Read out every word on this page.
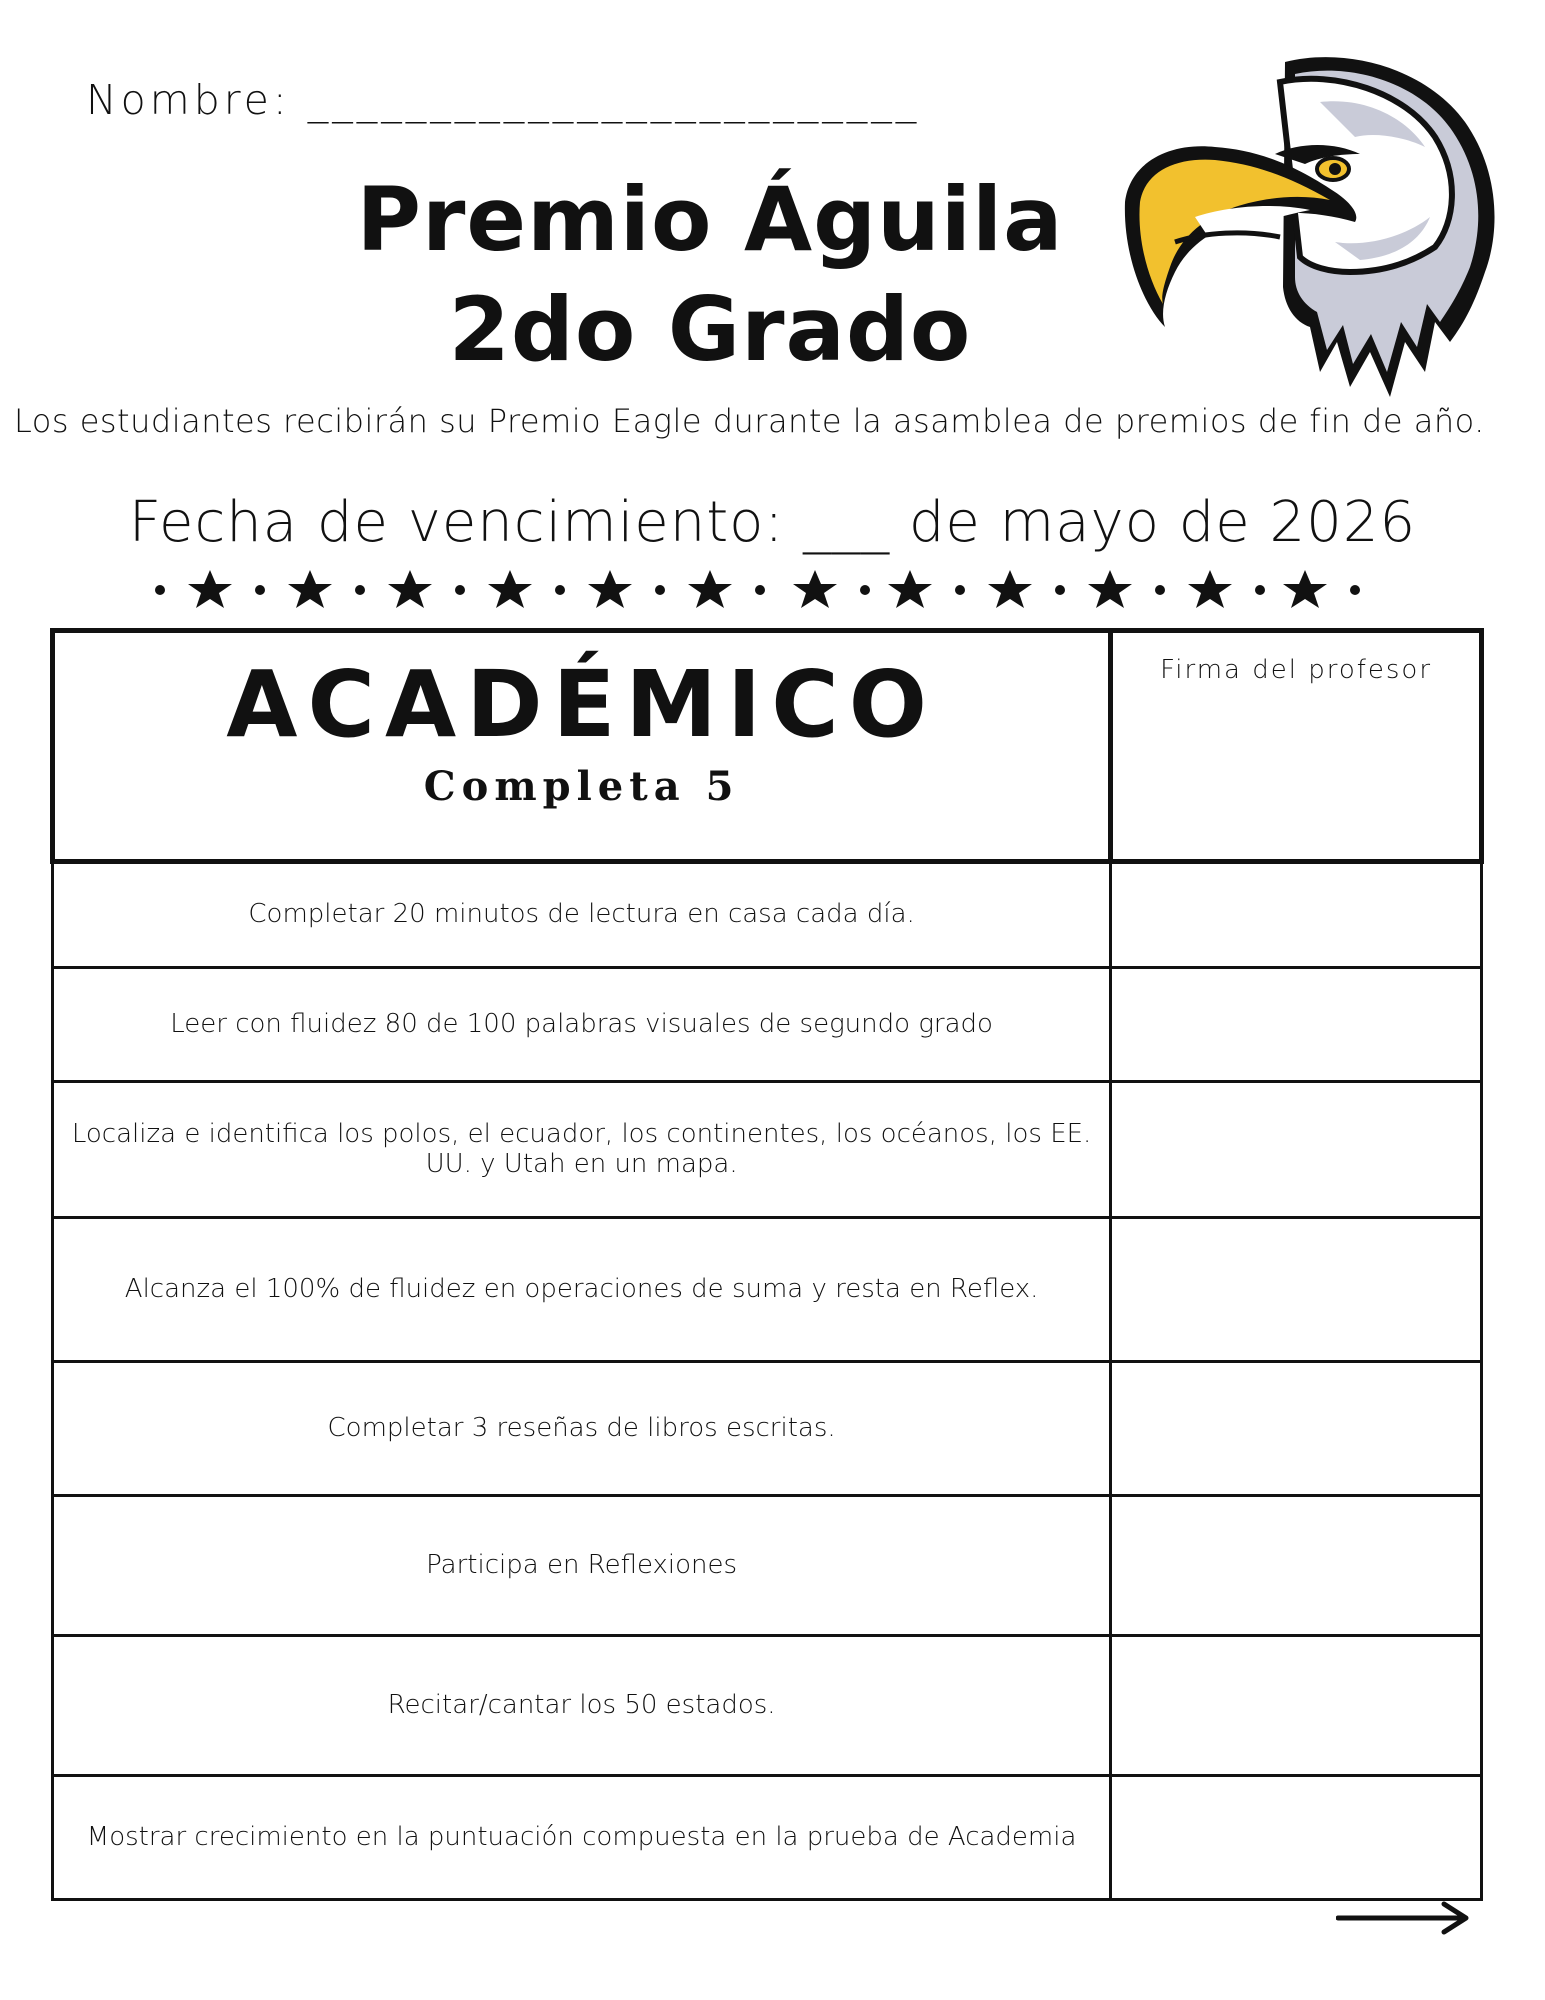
Nombre: _________________________
Premio Águila
2do Grado
Los estudiantes recibirán su Premio Eagle durante la asamblea de premios de fin de año.
Fecha de vencimiento: ___ de mayo de 2026
ACADÉMICO
Completa 5	Firma del profesor
Completar 20 minutos de lectura en casa cada día.	
Leer con fluidez 80 de 100 palabras visuales de segundo grado	
Localiza e identifica los polos, el ecuador, los continentes, los océanos, los EE. UU. y Utah en un mapa.	
Alcanza el 100% de fluidez en operaciones de suma y resta en Reflex.	
Completar 3 reseñas de libros escritas.	
Participa en Reflexiones	
Recitar/cantar los 50 estados.	
Mostrar crecimiento en la puntuación compuesta en la prueba de Academia	
